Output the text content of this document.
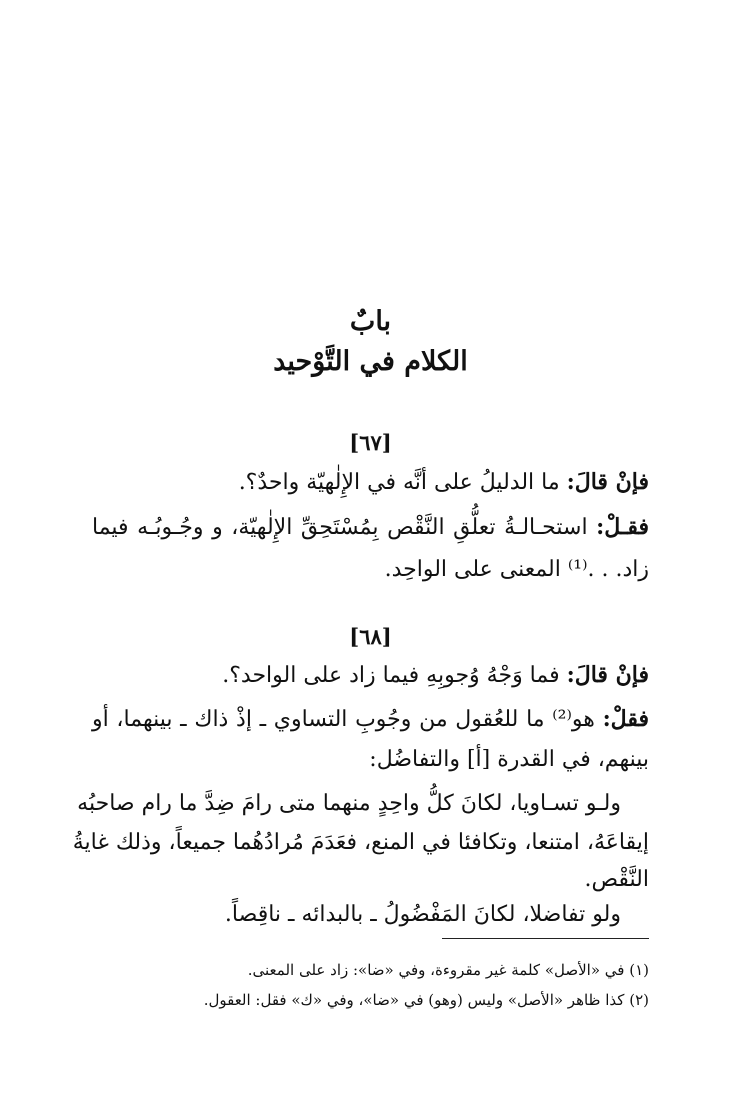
بابٌ
الكلام في التَّوْحيد
[٦٧]
فإنْ قالَ: ما الدليلُ على أنَّه في الإِلٰهيّة واحدٌ؟.
فقـلْ: استحـالـةُ تعلُّقِ النَّقْص بِمُسْتَحِقِّ الإِلٰهيّة، و وجُـوبُـه فيما
زاد. . .⁽¹⁾ المعنى على الواحِد.
[٦٨]
فإنْ قالَ: فما وَجْهُ وُجوبِهِ فيما زاد على الواحد؟.
فقلْ: هو⁽²⁾ ما للعُقول من وجُوبِ التساوي ـ إذْ ذاك ـ بينهما، أو
بينهم، في القدرة [أ] والتفاضُل:
ولـو تسـاويا، لكانَ كلُّ واحِدٍ منهما متى رامَ ضِدَّ ما رام صاحبُه
إيقاعَهُ، امتنعا، وتكافئا في المنع، فعَدَمَ مُرادُهُما جميعاً، وذلك غايةُ
النَّقْص.
ولو تفاضلا، لكانَ المَفْضُولُ ـ بالبدائه ـ ناقِصاً.
(١) في «الأصل» كلمة غير مقروءة، وفي «ضا»: زاد على المعنى.
(٢) كذا ظاهر «الأصل» وليس (وهو) في «ضا»، وفي «ك» فقل: العقول.
